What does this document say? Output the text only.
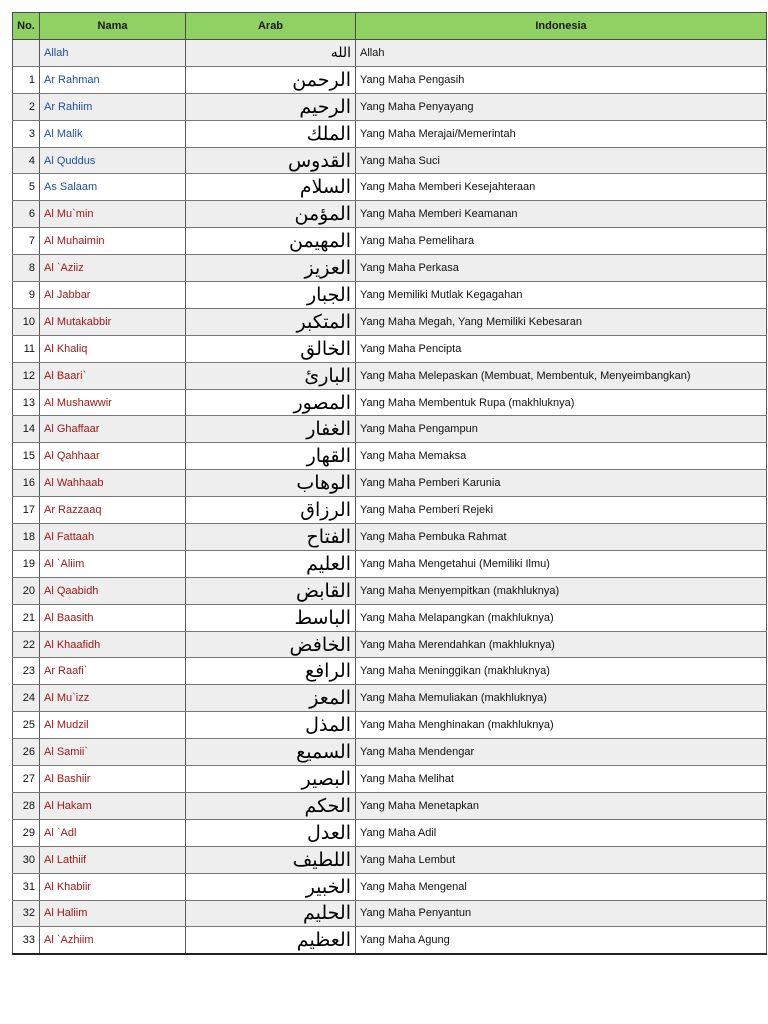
No.	Nama	Arab	Indonesia
	Allah	الله	Allah
1	Ar Rahman	الرحمن	Yang Maha Pengasih
2	Ar Rahiim	الرحيم	Yang Maha Penyayang
3	Al Malik	الملك	Yang Maha Merajai/Memerintah
4	Al Quddus	القدوس	Yang Maha Suci
5	As Salaam	السلام	Yang Maha Memberi Kesejahteraan
6	Al Mu`min	المؤمن	Yang Maha Memberi Keamanan
7	Al Muhaimin	المهيمن	Yang Maha Pemelihara
8	Al `Aziiz	العزيز	Yang Maha Perkasa
9	Al Jabbar	الجبار	Yang Memiliki Mutlak Kegagahan
10	Al Mutakabbir	المتكبر	Yang Maha Megah, Yang Memiliki Kebesaran
11	Al Khaliq	الخالق	Yang Maha Pencipta
12	Al Baari`	البارئ	Yang Maha Melepaskan (Membuat, Membentuk, Menyeimbangkan)
13	Al Mushawwir	المصور	Yang Maha Membentuk Rupa (makhluknya)
14	Al Ghaffaar	الغفار	Yang Maha Pengampun
15	Al Qahhaar	القهار	Yang Maha Memaksa
16	Al Wahhaab	الوهاب	Yang Maha Pemberi Karunia
17	Ar Razzaaq	الرزاق	Yang Maha Pemberi Rejeki
18	Al Fattaah	الفتاح	Yang Maha Pembuka Rahmat
19	Al `Aliim	العليم	Yang Maha Mengetahui (Memiliki Ilmu)
20	Al Qaabidh	القابض	Yang Maha Menyempitkan (makhluknya)
21	Al Baasith	الباسط	Yang Maha Melapangkan (makhluknya)
22	Al Khaafidh	الخافض	Yang Maha Merendahkan (makhluknya)
23	Ar Raafi`	الرافع	Yang Maha Meninggikan (makhluknya)
24	Al Mu`izz	المعز	Yang Maha Memuliakan (makhluknya)
25	Al Mudzil	المذل	Yang Maha Menghinakan (makhluknya)
26	Al Samii`	السميع	Yang Maha Mendengar
27	Al Bashiir	البصير	Yang Maha Melihat
28	Al Hakam	الحكم	Yang Maha Menetapkan
29	Al `Adl	العدل	Yang Maha Adil
30	Al Lathiif	اللطيف	Yang Maha Lembut
31	Al Khabiir	الخبير	Yang Maha Mengenal
32	Al Haliim	الحليم	Yang Maha Penyantun
33	Al `Azhiim	العظيم	Yang Maha Agung
